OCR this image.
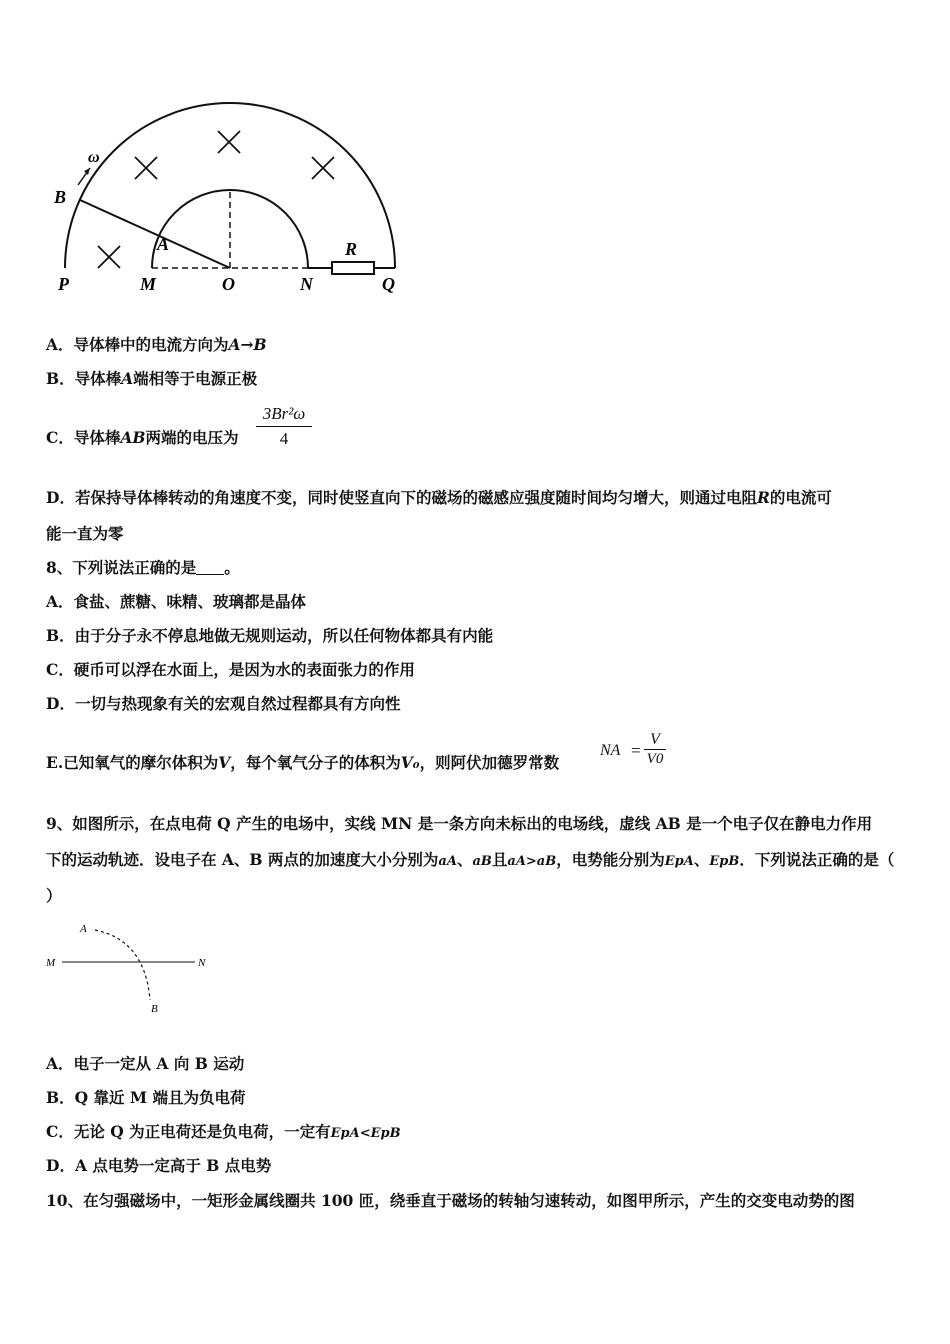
ω
B
A	R
P	M	O	N	Q
A．导体棒中的电流方向为A→B
B．导体棒A端相等于电源正极
C．导体棒AB两端的电压为
3Br²ω
4
D．若保持导体棒转动的角速度不变，同时使竖直向下的磁场的磁感应强度随时间均匀增大，则通过电阻R的电流可
能一直为零
8、下列说法正确的是 。
A．食盐、蔗糖、味精、玻璃都是晶体
B．由于分子永不停息地做无规则运动，所以任何物体都具有内能
C．硬币可以浮在水面上，是因为水的表面张力的作用
D．一切与热现象有关的宏观自然过程都具有方向性
E.已知氧气的摩尔体积为V，每个氧气分子的体积为V₀，则阿伏加德罗常数
NA =
V
V0
9、如图所示，在点电荷 Q 产生的电场中，实线 MN 是一条方向未标出的电场线，虚线 AB 是一个电子仅在静电力作用
下的运动轨迹．设电子在 A、B 两点的加速度大小分别为aA、aB且aA>aB，电势能分别为EpA、EpB．下列说法正确的是（
）
A
M	N
B
A．电子一定从 A 向 B 运动
B．Q 靠近 M 端且为负电荷
C．无论 Q 为正电荷还是负电荷，一定有EpA<EpB
D．A 点电势一定高于 B 点电势
10、在匀强磁场中，一矩形金属线圈共 100 匝，绕垂直于磁场的转轴匀速转动，如图甲所示，产生的交变电动势的图
